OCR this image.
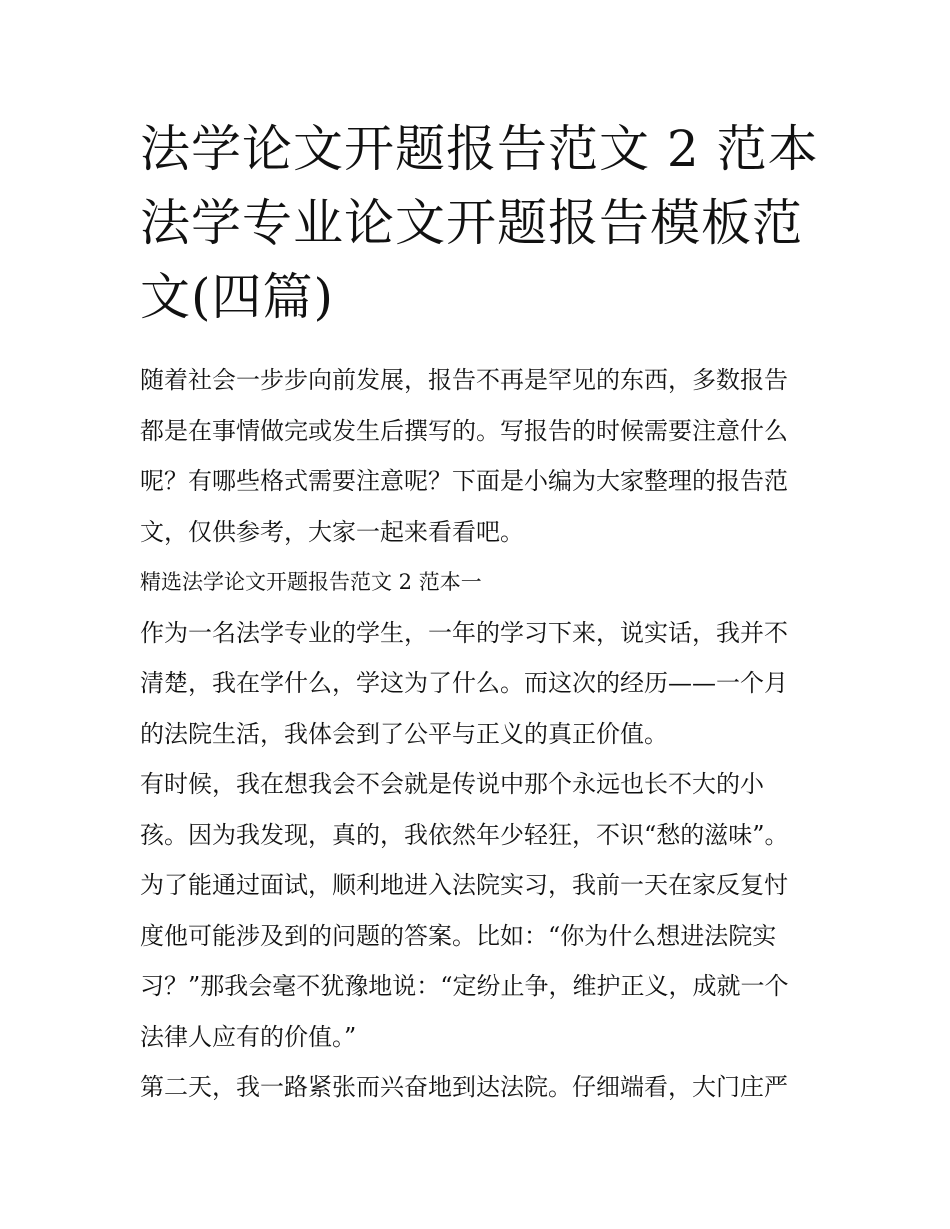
法学论文开题报告范文 2 范本
法学专业论文开题报告模板范
文(四篇)

随着社会一步步向前发展，报告不再是罕见的东西，多数报告
都是在事情做完或发生后撰写的。写报告的时候需要注意什么
呢？有哪些格式需要注意呢？下面是小编为大家整理的报告范
文，仅供参考，大家一起来看看吧。

精选法学论文开题报告范文 2 范本一

作为一名法学专业的学生，一年的学习下来，说实话，我并不
清楚，我在学什么，学这为了什么。而这次的经历——一个月
的法院生活，我体会到了公平与正义的真正价值。

有时候，我在想我会不会就是传说中那个永远也长不大的小
孩。因为我发现，真的，我依然年少轻狂，不识“愁的滋味”。
为了能通过面试，顺利地进入法院实习，我前一天在家反复忖
度他可能涉及到的问题的答案。比如：“你为什么想进法院实
习？”那我会毫不犹豫地说：“定纷止争，维护正义，成就一个
法律人应有的价值。”

第二天，我一路紧张而兴奋地到达法院。仔细端看，大门庄严
